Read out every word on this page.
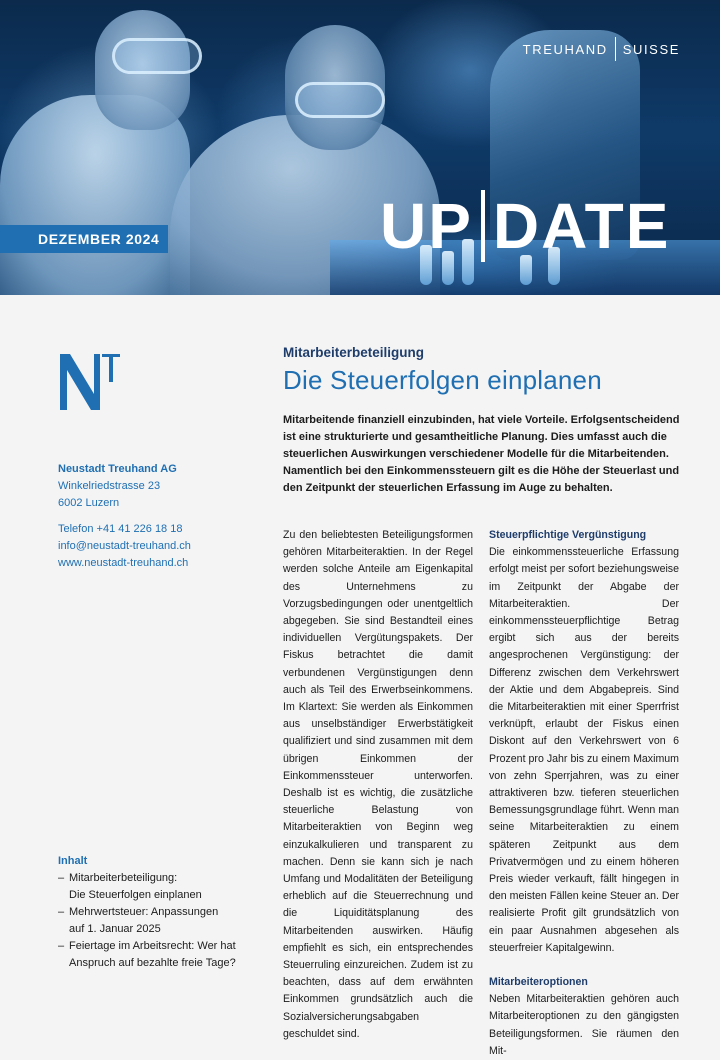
TREUHAND SUISSE
UP DATE
DEZEMBER 2024
Neustadt Treuhand AG
Winkelriedstrasse 23
6002 Luzern
Telefon +41 41 226 18 18
info@neustadt-treuhand.ch
www.neustadt-treuhand.ch
Inhalt
– Mitarbeiterbeteiligung:
Die Steuerfolgen einplanen
– Mehrwertsteuer: Anpassungen
auf 1. Januar 2025
– Feiertage im Arbeitsrecht: Wer hat
Anspruch auf bezahlte freie Tage?
Mitarbeiterbeteiligung
Die Steuerfolgen einplanen
Mitarbeitende finanziell einzubinden, hat viele Vorteile. Erfolgsentscheidend ist eine strukturierte und gesamtheitliche Planung. Dies umfasst auch die steuerlichen Auswirkungen verschiedener Modelle für die Mitarbeitenden. Namentlich bei den Einkommenssteuern gilt es die Höhe der Steuerlast und den Zeitpunkt der steuerlichen Erfassung im Auge zu behalten.
Zu den beliebtesten Beteiligungsformen gehören Mitarbeiteraktien. In der Regel werden solche Anteile am Eigenkapital des Unternehmens zu Vorzugsbedingungen oder unentgeltlich abgegeben. Sie sind Bestandteil eines individuellen Vergütungspakets. Der Fiskus betrachtet die damit verbundenen Vergünstigungen denn auch als Teil des Erwerbseinkommens. Im Klartext: Sie werden als Einkommen aus unselbständiger Erwerbstätigkeit qualifiziert und sind zusammen mit dem übrigen Einkommen der Einkommenssteuer unterworfen. Deshalb ist es wichtig, die zusätzliche steuerliche Belastung von Mitarbeiteraktien von Beginn weg einzukalkulieren und transparent zu machen. Denn sie kann sich je nach Umfang und Modalitäten der Beteiligung erheblich auf die Steuerrechnung und die Liquiditätsplanung des Mitarbeitenden auswirken. Häufig empfiehlt es sich, ein entsprechendes Steuerruling einzureichen. Zudem ist zu beachten, dass auf dem erwähnten Einkommen grundsätzlich auch die Sozialversicherungsabgaben geschuldet sind.
Steuerpflichtige Vergünstigung
Die einkommenssteuerliche Erfassung erfolgt meist per sofort beziehungsweise im Zeitpunkt der Abgabe der Mitarbeiteraktien. Der einkommenssteuerpflichtige Betrag ergibt sich aus der bereits angesprochenen Vergünstigung: der Differenz zwischen dem Verkehrswert der Aktie und dem Abgabepreis. Sind die Mitarbeiteraktien mit einer Sperrfrist verknüpft, erlaubt der Fiskus einen Diskont auf den Verkehrswert von 6 Prozent pro Jahr bis zu einem Maximum von zehn Sperrjahren, was zu einer attraktiveren bzw. tieferen steuerlichen Bemessungsgrundlage führt. Wenn man seine Mitarbeiteraktien zu einem späteren Zeitpunkt aus dem Privatvermögen und zu einem höheren Preis wieder verkauft, fällt hingegen in den meisten Fällen keine Steuer an. Der realisierte Profit gilt grundsätzlich von ein paar Ausnahmen abgesehen als steuerfreier Kapitalgewinn.
Mitarbeiteroptionen
Neben Mitarbeiteraktien gehören auch Mitarbeiteroptionen zu den gängigsten Beteiligungsformen. Sie räumen den Mit-
